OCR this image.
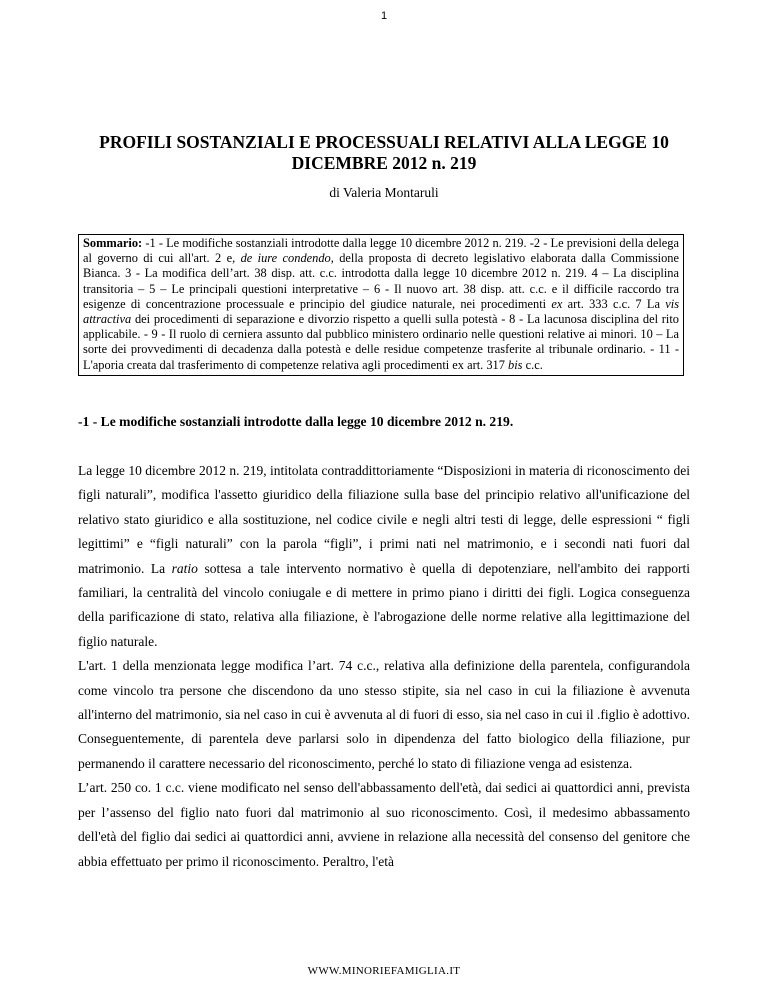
1
PROFILI SOSTANZIALI E PROCESSUALI RELATIVI ALLA LEGGE 10 DICEMBRE 2012 n. 219
di Valeria Montaruli
Sommario: -1 - Le modifiche sostanziali introdotte dalla legge 10 dicembre 2012 n. 219. -2 - Le previsioni della delega al governo di cui all'art. 2 e, de iure condendo, della proposta di decreto legislativo elaborata dalla Commissione Bianca. 3 - La modifica dell’art. 38 disp. att. c.c. introdotta dalla legge 10 dicembre 2012 n. 219. 4 – La disciplina transitoria – 5 – Le principali questioni interpretative – 6 - Il nuovo art. 38 disp. att. c.c. e il difficile raccordo tra esigenze di concentrazione processuale e principio del giudice naturale, nei procedimenti ex art. 333 c.c. 7 La vis attractiva dei procedimenti di separazione e divorzio rispetto a quelli sulla potestà - 8 - La lacunosa disciplina del rito applicabile. - 9 - Il ruolo di cerniera assunto dal pubblico ministero ordinario nelle questioni relative ai minori. 10 – La sorte dei provvedimenti di decadenza dalla potestà e delle residue competenze trasferite al tribunale ordinario. - 11 - L'aporia creata dal trasferimento di competenze relativa agli procedimenti ex art. 317 bis c.c.
-1 - Le modifiche sostanziali introdotte dalla legge 10 dicembre 2012 n. 219.

La legge 10 dicembre 2012 n. 219, intitolata contraddittoriamente “Disposizioni in materia di riconoscimento dei figli naturali”, modifica l'assetto giuridico della filiazione sulla base del principio relativo all'unificazione del relativo stato giuridico e alla sostituzione, nel codice civile e negli altri testi di legge, delle espressioni “ figli legittimi” e “figli naturali” con la parola “figli”, i primi nati nel matrimonio, e i secondi nati fuori dal matrimonio. La ratio sottesa a tale intervento normativo è quella di depotenziare, nell'ambito dei rapporti familiari, la centralità del vincolo coniugale e di mettere in primo piano i diritti dei figli. Logica conseguenza della parificazione di stato, relativa alla filiazione, è l'abrogazione delle norme relative alla legittimazione del figlio naturale.

L'art. 1 della menzionata legge modifica l’art. 74 c.c., relativa alla definizione della parentela, configurandola come vincolo tra persone che discendono da uno stesso stipite, sia nel caso in cui la filiazione è avvenuta all'interno del matrimonio, sia nel caso in cui è avvenuta al di fuori di esso, sia nel caso in cui il .figlio è adottivo. Conseguentemente, di parentela deve parlarsi solo in dipendenza del fatto biologico della filiazione, pur permanendo il carattere necessario del riconoscimento, perché lo stato di filiazione venga ad esistenza.

L’art. 250 co. 1 c.c. viene modificato nel senso dell'abbassamento dell'età, dai sedici ai quattordici anni, prevista per l’assenso del figlio nato fuori dal matrimonio al suo riconoscimento. Così, il medesimo abbassamento dell'età del figlio dai sedici ai quattordici anni, avviene in relazione alla necessità del consenso del genitore che abbia effettuato per primo il riconoscimento. Peraltro, l'età

WWW.MINORIEFAMIGLIA.IT
